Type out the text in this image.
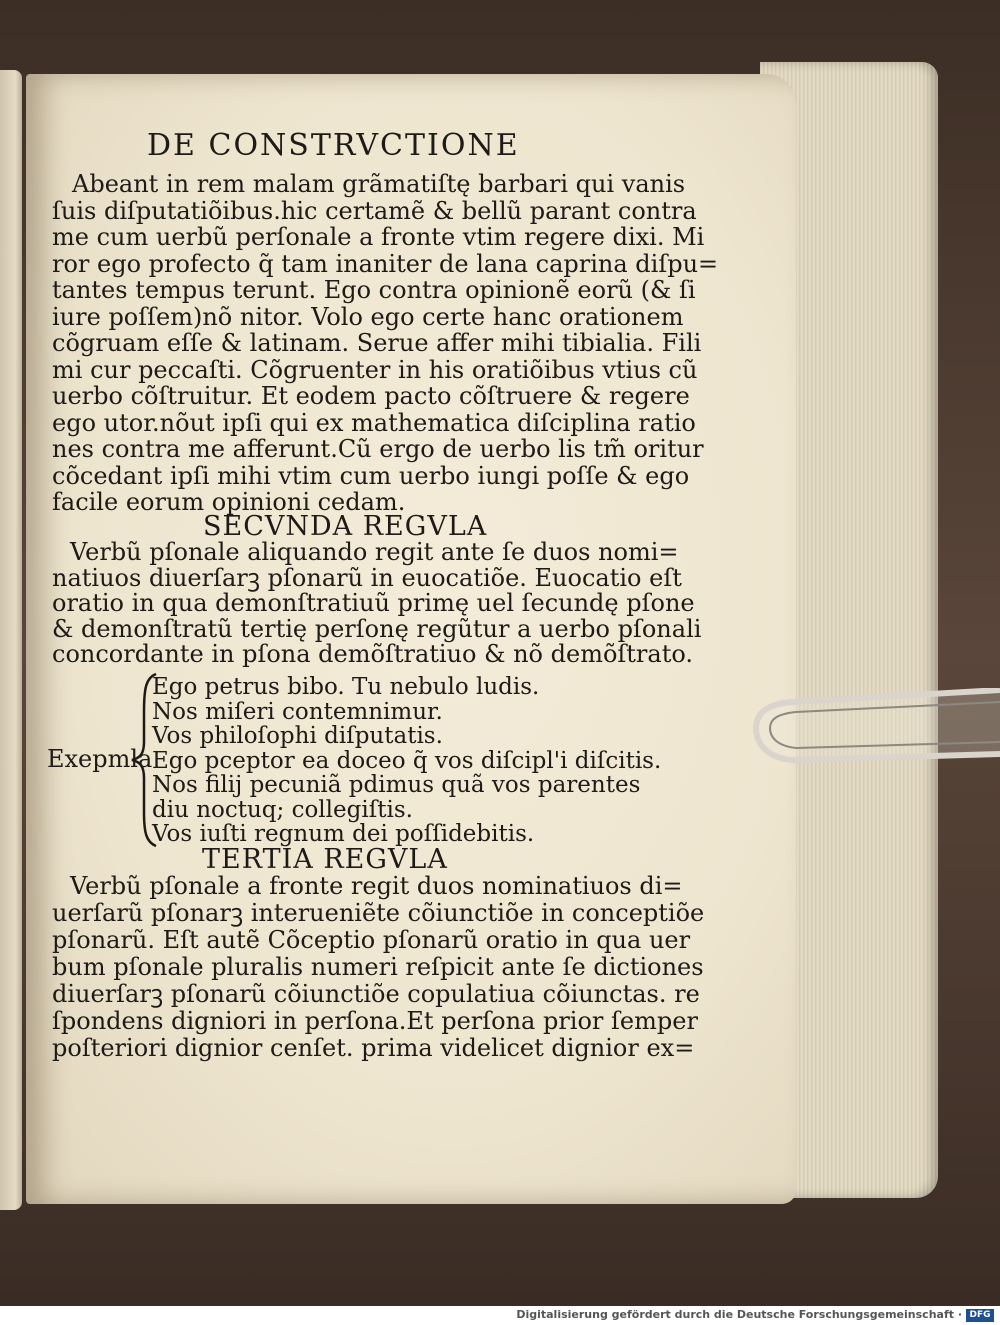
DE CONSTRVCTIONE
Abeant in rem malam grãmatiſtę barbari qui vanis
ſuis diſputatiõibus.hic certamẽ & bellũ parant contra
me cum uerbũ perſonale a fronte vtim regere dixi. Mi
ror ego profecto q̃ tam inaniter de lana caprina diſpu=
tantes tempus terunt. Ego contra opinionẽ eorũ (& ſi
iure poſſem)nõ nitor. Volo ego certe hanc orationem
cõgruam eſſe & latinam. Serue affer mihi tibialia. Fili
mi cur peccaſti. Cõgruenter in his oratiõibus vtius cũ
uerbo cõſtruitur. Et eodem pacto cõſtruere & regere
ego utor.nõut ipſi qui ex mathematica diſciplina ratio
nes contra me afferunt.Cũ ergo de uerbo lis tm̃ oritur
cõcedant ipſi mihi vtim cum uerbo iungi poſſe & ego
facile eorum opinioni cedam.
SECVNDA REGVLA
Verbũ pſonale aliquando regit ante ſe duos nomi=
natiuos diuerſarꝫ pſonarũ in euocatiõe. Euocatio eſt
oratio in qua demonſtratiuũ primę uel ſecundę pſone
& demonſtratũ tertię perſonę regũtur a uerbo pſonali
concordante in pſona demõſtratiuo & nõ demõſtrato.
Exepmla
Ego petrus bibo. Tu nebulo ludis.
Nos miſeri contemnimur.
Vos philoſophi diſputatis.
Ego pceptor ea doceo q̃ vos diſcipl'i diſcitis.
Nos filij pecuniã pdimus quã vos parentes
diu noctuq; collegiſtis.
Vos iuſti regnum dei poſſidebitis.
TERTIA REGVLA
Verbũ pſonale a fronte regit duos nominatiuos di=
uerſarũ pſonarꝫ interueniẽte cõiunctiõe in conceptiõe
pſonarũ. Eſt autẽ Cõceptio pſonarũ oratio in qua uer
bum pſonale pluralis numeri reſpicit ante ſe dictiones
diuerſarꝫ pſonarũ cõiunctiõe copulatiua cõiunctas. re
ſpondens digniori in perſona.Et perſona prior ſemper
poſteriori dignior cenſet. prima videlicet dignior ex=
Digitalisierung gefördert durch die Deutsche Forschungsgemeinschaft · DFG
